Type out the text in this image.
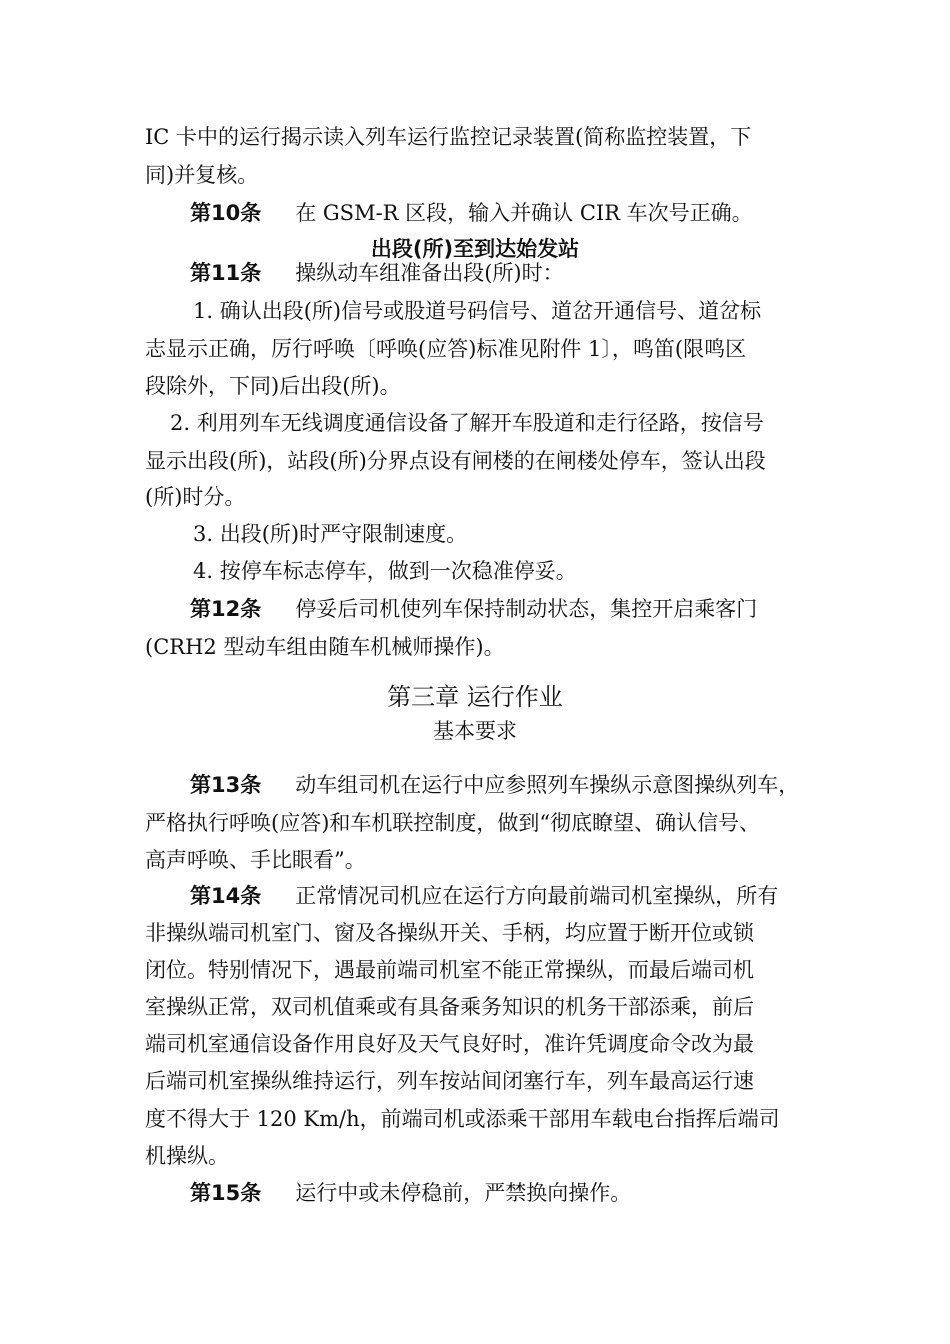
IC 卡中的运行揭示读入列车运行监控记录装置(简称监控装置，下
同)并复核。
第10条 在 GSM-R 区段，输入并确认 CIR 车次号正确。
出段(所)至到达始发站
第11条 操纵动车组准备出段(所)时：
1. 确认出段(所)信号或股道号码信号、道岔开通信号、道岔标
志显示正确，厉行呼唤〔呼唤(应答)标准见附件 1〕，鸣笛(限鸣区
段除外，下同)后出段(所)。
2. 利用列车无线调度通信设备了解开车股道和走行径路，按信号
显示出段(所)，站段(所)分界点设有闸楼的在闸楼处停车，签认出段
(所)时分。
3. 出段(所)时严守限制速度。
4. 按停车标志停车，做到一次稳准停妥。
第12条 停妥后司机使列车保持制动状态，集控开启乘客门
(CRH2 型动车组由随车机械师操作)。
第三章 运行作业
基本要求
第13条 动车组司机在运行中应参照列车操纵示意图操纵列车，
严格执行呼唤(应答)和车机联控制度，做到“彻底瞭望、确认信号、
高声呼唤、手比眼看”。
第14条 正常情况司机应在运行方向最前端司机室操纵，所有
非操纵端司机室门、窗及各操纵开关、手柄，均应置于断开位或锁
闭位。特别情况下，遇最前端司机室不能正常操纵，而最后端司机
室操纵正常，双司机值乘或有具备乘务知识的机务干部添乘，前后
端司机室通信设备作用良好及天气良好时，准许凭调度命令改为最
后端司机室操纵维持运行，列车按站间闭塞行车，列车最高运行速
度不得大于 120 Km/h，前端司机或添乘干部用车载电台指挥后端司
机操纵。
第15条 运行中或未停稳前，严禁换向操作。
